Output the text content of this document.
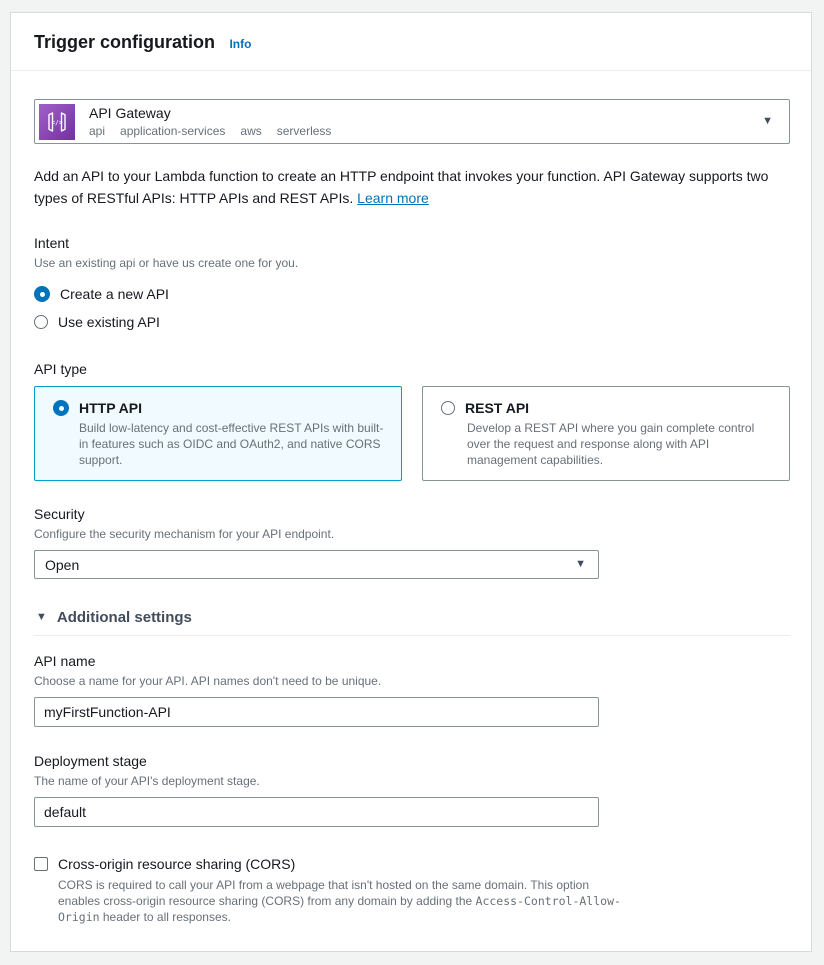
Trigger configuration Info
</>
API Gateway
api application-services aws serverless
▼

Add an API to your Lambda function to create an HTTP endpoint that invokes your function. API Gateway supports two types of RESTful APIs: HTTP APIs and REST APIs. Learn more

Intent
Use an existing api or have us create one for you.
Create a new API
Use existing API
API type
HTTP API
Build low-latency and cost-effective REST APIs with built-in features such as OIDC and OAuth2, and native CORS support.
REST API
Develop a REST API where you gain complete control over the request and response along with API management capabilities.
Security
Configure the security mechanism for your API endpoint.
Open	▼
▼ Additional settings
API name
Choose a name for your API. API names don't need to be unique.
myFirstFunction-API
Deployment stage
The name of your API's deployment stage.
default
Cross-origin resource sharing (CORS)
CORS is required to call your API from a webpage that isn't hosted on the same domain. This option enables cross-origin resource sharing (CORS) from any domain by adding the Access-Control-Allow-Origin header to all responses.
